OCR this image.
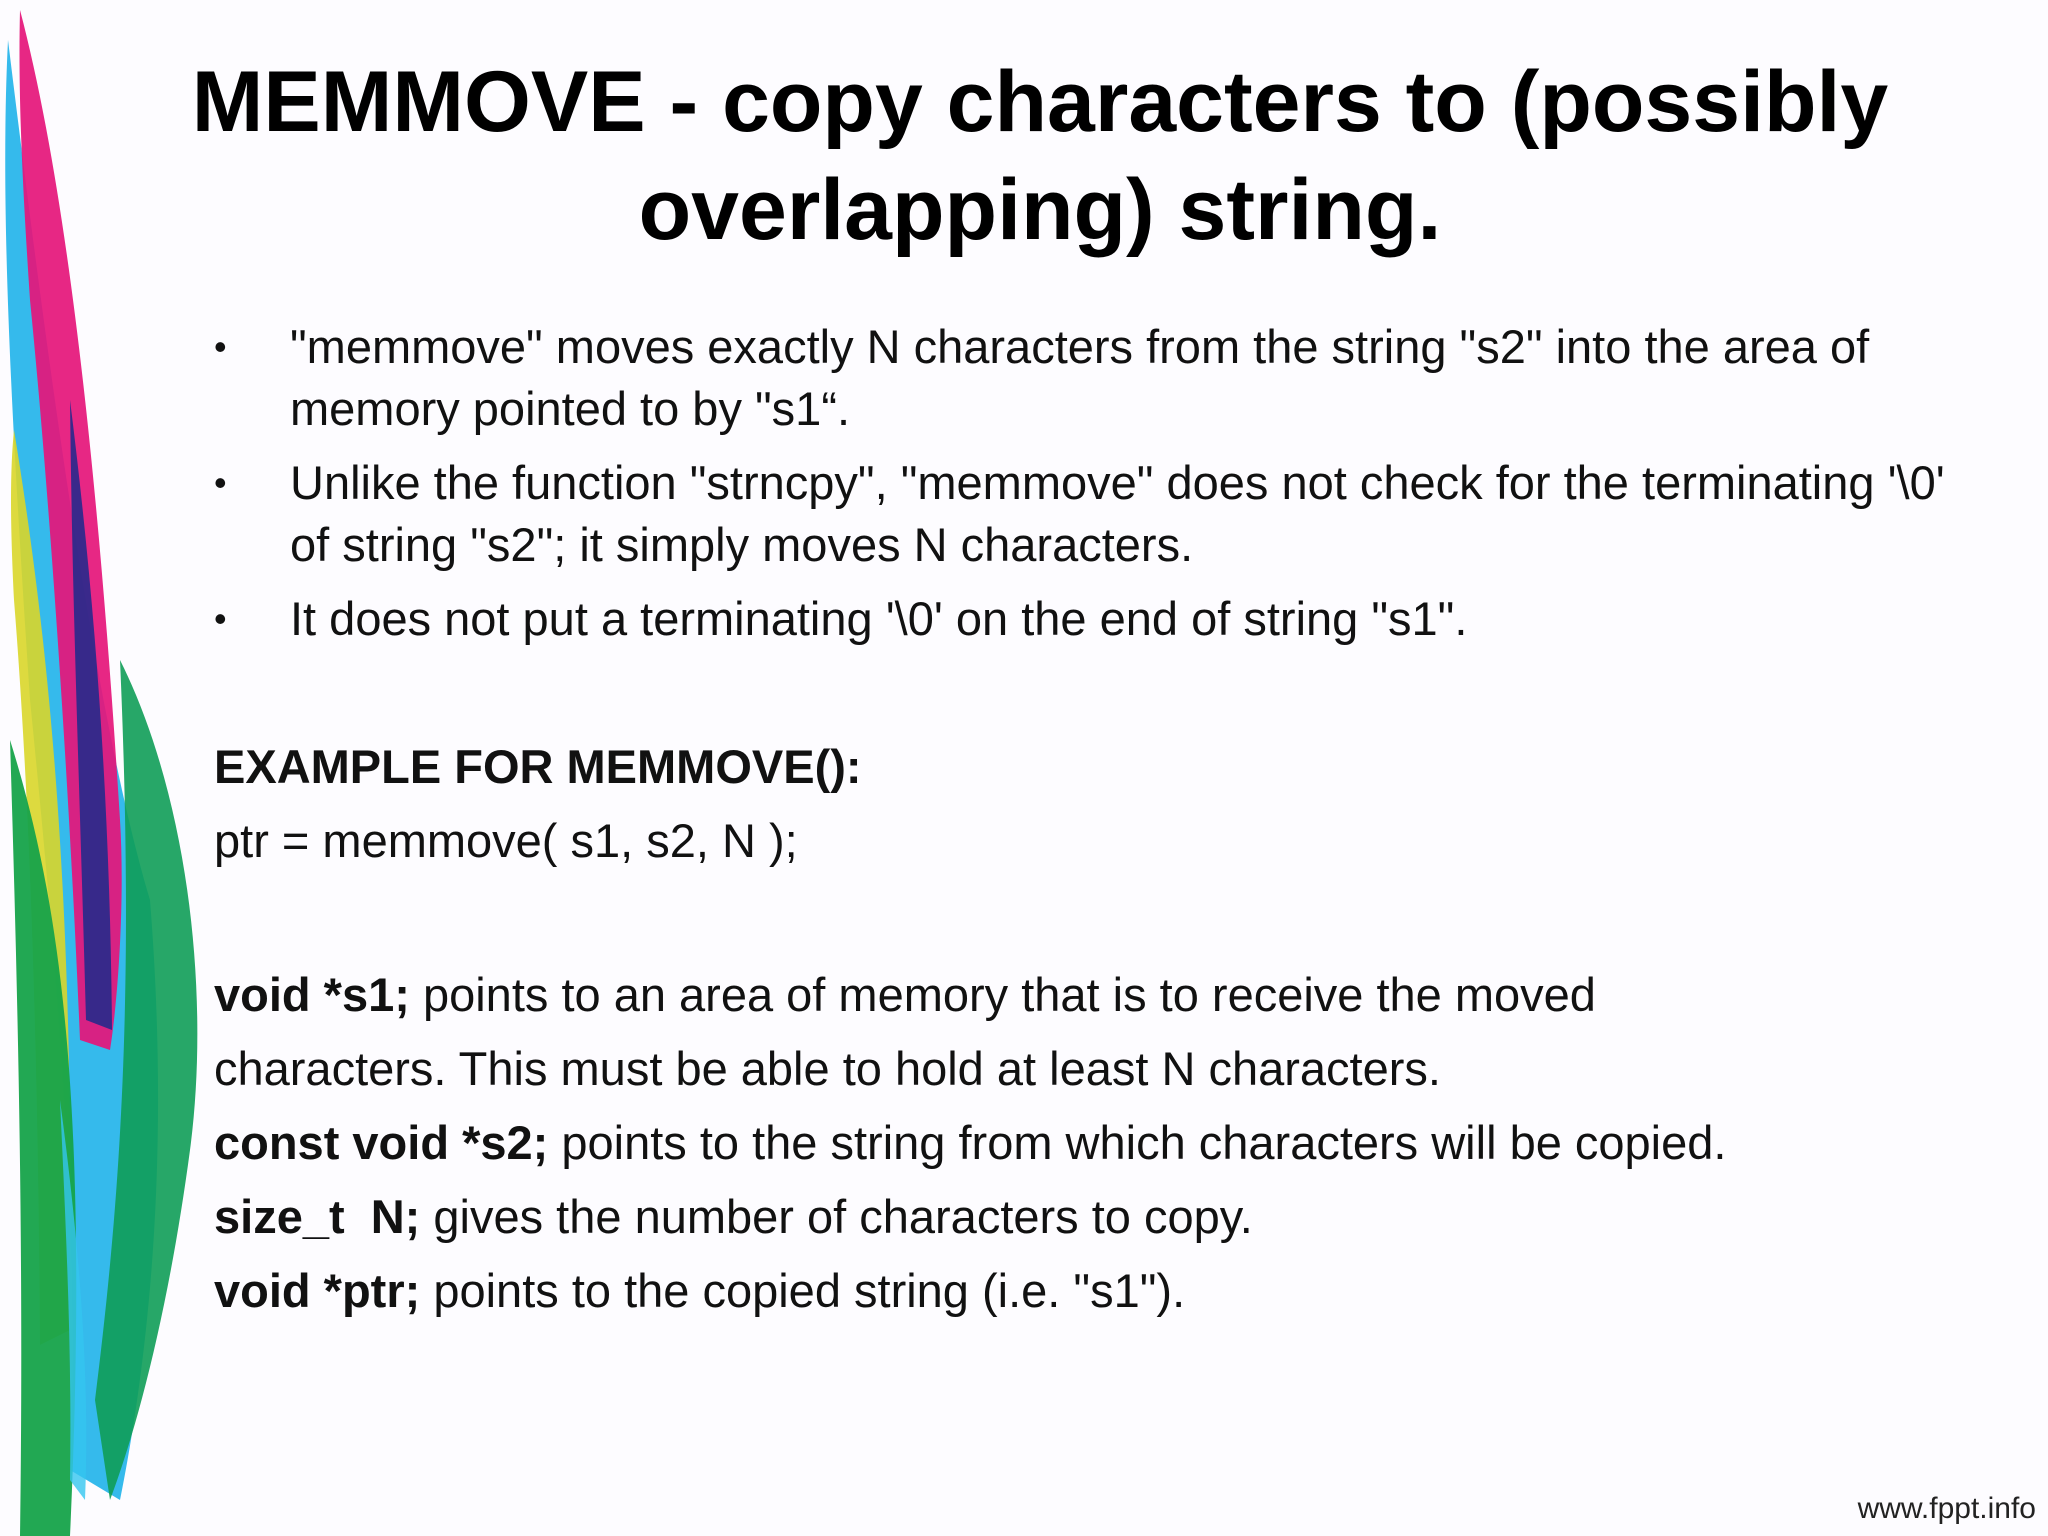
MEMMOVE - copy characters to (possibly overlapping) string.
• "memmove" moves exactly N characters from the string "s2" into the area of memory pointed to by "s1“.
• Unlike the function "strncpy", "memmove" does not check for the terminating '\0' of string "s2"; it simply moves N characters.
• It does not put a terminating '\0' on the end of string "s1".
EXAMPLE FOR MEMMOVE():
ptr = memmove( s1, s2, N );
void *s1; points to an area of memory that is to receive the moved
characters. This must be able to hold at least N characters.
const void *s2; points to the string from which characters will be copied.
size_t  N; gives the number of characters to copy.
void *ptr; points to the copied string (i.e. "s1").
www.fppt.info
